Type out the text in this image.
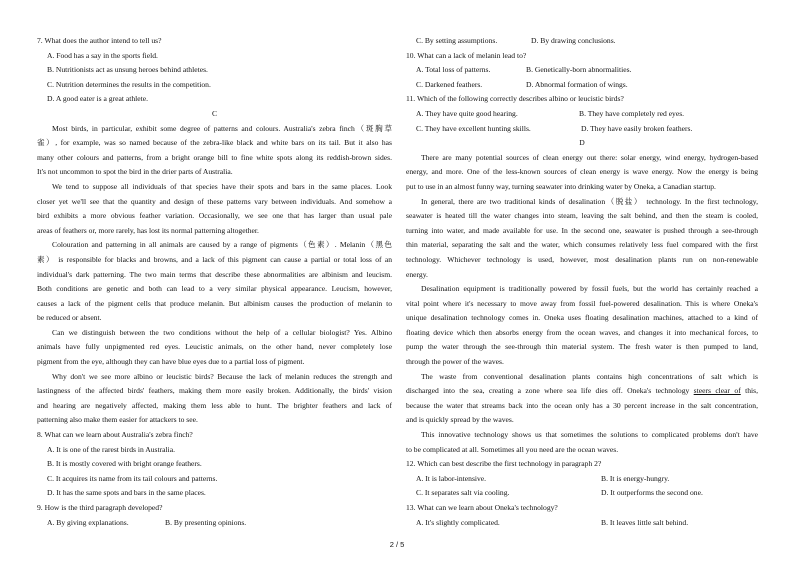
7. What does the author intend to tell us?
A. Food has a say in the sports field.
B. Nutritionists act as unsung heroes behind athletes.
C. Nutrition determines the results in the competition.
D. A good eater is a great athlete.
C
Most birds, in particular, exhibit some degree of patterns and colours. Australia's zebra finch（斑胸草
雀）, for example, was so named because of the zebra-like black and white bars on its tail. But it also has
many other colours and patterns, from a bright orange bill to fine white spots along its reddish-brown sides.
It's not uncommon to spot the bird in the drier parts of Australia.
We tend to suppose all individuals of that species have their spots and bars in the same places. Look
closer yet we'll see that the quantity and design of these patterns vary between individuals. And somehow a
bird exhibits a more obvious feather variation. Occasionally, we see one that has larger than usual pale
areas of feathers or, more rarely, has lost its normal patterning altogether.
Colouration and patterning in all animals are caused by a range of pigments（色素）. Melanin（黑色
素） is responsible for blacks and browns, and a lack of this pigment can cause a partial or total loss of an
individual's dark patterning. The two main terms that describe these abnormalities are albinism and leucism.
Both conditions are genetic and both can lead to a very similar physical appearance. Leucism, however,
causes a lack of the pigment cells that produce melanin. But albinism causes the production of melanin to
be reduced or absent.
Can we distinguish between the two conditions without the help of a cellular biologist? Yes. Albino
animals have fully unpigmented red eyes. Leucistic animals, on the other hand, never completely lose
pigment from the eye, although they can have blue eyes due to a partial loss of pigment.
Why don't we see more albino or leucistic birds? Because the lack of melanin reduces the strength and
lastingness of the affected birds' feathers, making them more easily broken. Additionally, the birds' vision
and hearing are negatively affected, making them less able to hunt. The brighter feathers and lack of
patterning also make them easier for attackers to see.
8. What can we learn about Australia's zebra finch?
A. It is one of the rarest birds in Australia.
B. It is mostly covered with bright orange feathers.
C. It acquires its name from its tail colours and patterns.
D. It has the same spots and bars in the same places.
9. How is the third paragraph developed?
A. By giving explanations.	B. By presenting opinions.
C. By setting assumptions.	D. By drawing conclusions.
10. What can a lack of melanin lead to?
A. Total loss of patterns.	B. Genetically-born abnormalities.
C. Darkened feathers.	D. Abnormal formation of wings.
11. Which of the following correctly describes albino or leucistic birds?
A. They have quite good hearing.	B. They have completely red eyes.
C. They have excellent hunting skills.	D. They have easily broken feathers.
D
There are many potential sources of clean energy out there: solar energy, wind energy, hydrogen-based
energy, and more. One of the less-known sources of clean energy is wave energy. Now the energy is being
put to use in an almost funny way, turning seawater into drinking water by Oneka, a Canadian startup.
In general, there are two traditional kinds of desalination（脱盐） technology. In the first technology,
seawater is heated till the water changes into steam, leaving the salt behind, and then the steam is cooled,
turning into water, and made available for use. In the second one, seawater is pushed through a see-through
thin material, separating the salt and the water, which consumes relatively less fuel compared with the first
technology. Whichever technology is used, however, most desalination plants run on non-renewable
energy.
Desalination equipment is traditionally powered by fossil fuels, but the world has certainly reached a
vital point where it's necessary to move away from fossil fuel-powered desalination. This is where Oneka's
unique desalination technology comes in. Oneka uses floating desalination machines, attached to a kind of
floating device which then absorbs energy from the ocean waves, and changes it into mechanical forces, to
pump the water through the see-through thin material system. The fresh water is then pumped to land,
through the power of the waves.
The waste from conventional desalination plants contains high concentrations of salt which is
discharged into the sea, creating a zone where sea life dies off. Oneka's technology steers clear of this,
because the water that streams back into the ocean only has a 30 percent increase in the salt concentration,
and is quickly spread by the waves.
This innovative technology shows us that sometimes the solutions to complicated problems don't have
to be complicated at all. Sometimes all you need are the ocean waves.
12. Which can best describe the first technology in paragraph 2?
A. It is labor-intensive.	B. It is energy-hungry.
C. It separates salt via cooling.	D. It outperforms the second one.
13. What can we learn about Oneka's technology?
A. It's slightly complicated.	B. It leaves little salt behind.
2 / 5
